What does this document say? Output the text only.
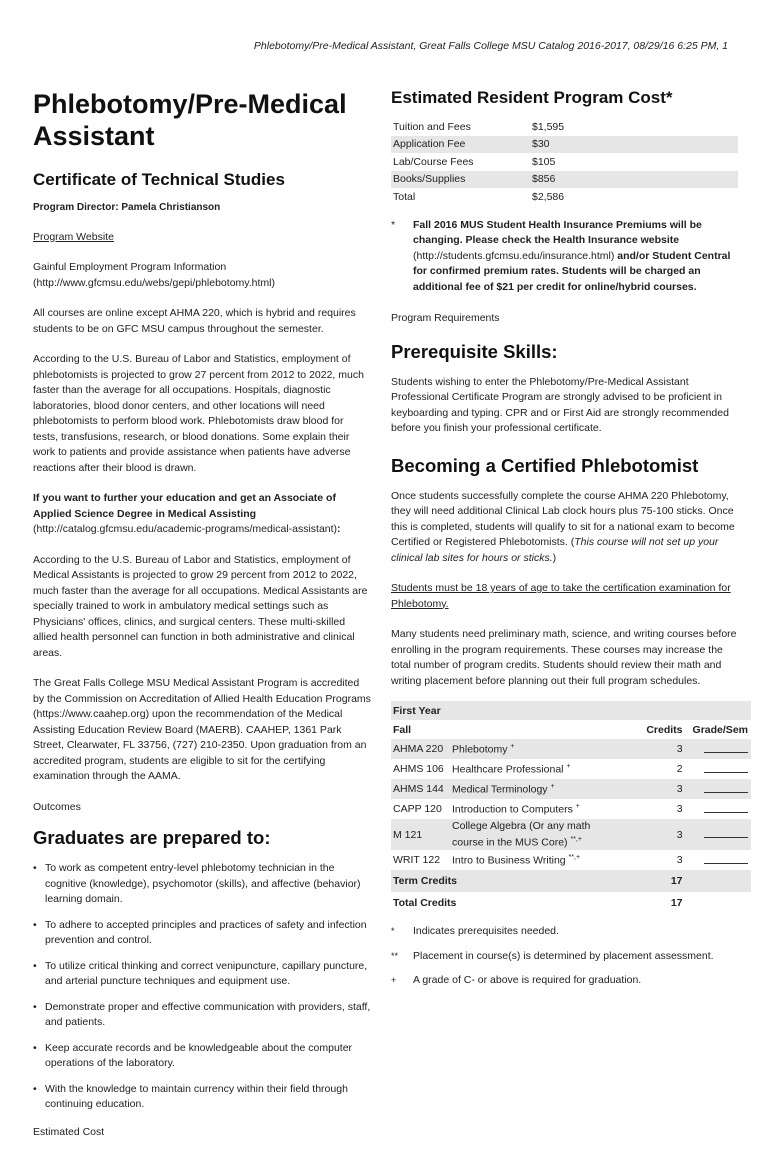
Phlebotomy/Pre-Medical Assistant, Great Falls College MSU Catalog 2016-2017, 08/29/16 6:25 PM, 1
Phlebotomy/Pre-Medical Assistant
Certificate of Technical Studies

Program Director: Pamela Christianson

Program Website

Gainful Employment Program Information (http://www.gfcmsu.edu/webs/gepi/phlebotomy.html)

All courses are online except AHMA 220, which is hybrid and requires students to be on GFC MSU campus throughout the semester.

According to the U.S. Bureau of Labor and Statistics, employment of phlebotomists is projected to grow 27 percent from 2012 to 2022, much faster than the average for all occupations. Hospitals, diagnostic laboratories, blood donor centers, and other locations will need phlebotomists to perform blood work. Phlebotomists draw blood for tests, transfusions, research, or blood donations. Some explain their work to patients and provide assistance when patients have adverse reactions after their blood is drawn.

If you want to further your education and get an Associate of Applied Science Degree in Medical Assisting (http://catalog.gfcmsu.edu/academic-programs/medical-assistant):

According to the U.S. Bureau of Labor and Statistics, employment of Medical Assistants is projected to grow 29 percent from 2012 to 2022, much faster than the average for all occupations. Medical Assistants are specially trained to work in ambulatory medical settings such as Physicians' offices, clinics, and surgical centers. These multi-skilled allied health personnel can function in both administrative and clinical areas.

The Great Falls College MSU Medical Assistant Program is accredited by the Commission on Accreditation of Allied Health Education Programs (https://www.caahep.org) upon the recommendation of the Medical Assisting Education Review Board (MAERB). CAAHEP, 1361 Park Street, Clearwater, FL 33756, (727) 210-2350. Upon graduation from an accredited program, students are eligible to sit for the certifying examination through the AAMA.

Outcomes

Graduates are prepared to:
• To work as competent entry-level phlebotomy technician in the cognitive (knowledge), psychomotor (skills), and affective (behavior) learning domain.
• To adhere to accepted principles and practices of safety and infection prevention and control.
• To utilize critical thinking and correct venipuncture, capillary puncture, and arterial puncture techniques and equipment use.
• Demonstrate proper and effective communication with providers, staff, and patients.
• Keep accurate records and be knowledgeable about the computer operations of the laboratory.
• With the knowledge to maintain currency within their field through continuing education.

Estimated Cost

Estimated Resident Program Cost*
Tuition and Fees	$1,595
Application Fee	$30
Lab/Course Fees	$105
Books/Supplies	$856
Total	$2,586
*	Fall 2016 MUS Student Health Insurance Premiums will be changing. Please check the Health Insurance website (http://students.gfcmsu.edu/insurance.html) and/or Student Central for confirmed premium rates. Students will be charged an additional fee of $21 per credit for online/hybrid courses.

Program Requirements

Prerequisite Skills:

Students wishing to enter the Phlebotomy/Pre-Medical Assistant Professional Certificate Program are strongly advised to be proficient in keyboarding and typing. CPR and or First Aid are strongly recommended before you finish your professional certificate.

Becoming a Certified Phlebotomist

Once students successfully complete the course AHMA 220 Phlebotomy, they will need additional Clinical Lab clock hours plus 75-100 sticks. Once this is completed, students will qualify to sit for a national exam to become Certified or Registered Phlebotomists. (This course will not set up your clinical lab sites for hours or sticks.)

Students must be 18 years of age to take the certification examination for Phlebotomy.

Many students need preliminary math, science, and writing courses before enrolling in the program requirements. These courses may increase the total number of program credits. Students should review their math and writing placement before planning out their full program schedules.

First Year			
Fall		Credits	Grade/Sem
AHMA 220	Phlebotomy +	3	
AHMS 106	Healthcare Professional +	2	
AHMS 144	Medical Terminology +	3	
CAPP 120	Introduction to Computers +	3	
M 121	College Algebra (Or any math course in the MUS Core) **,+	3	
WRIT 122	Intro to Business Writing **,+	3	
Term Credits		17	
Total Credits		17	
*	Indicates prerequisites needed.
**	Placement in course(s) is determined by placement assessment.
+	A grade of C- or above is required for graduation.
